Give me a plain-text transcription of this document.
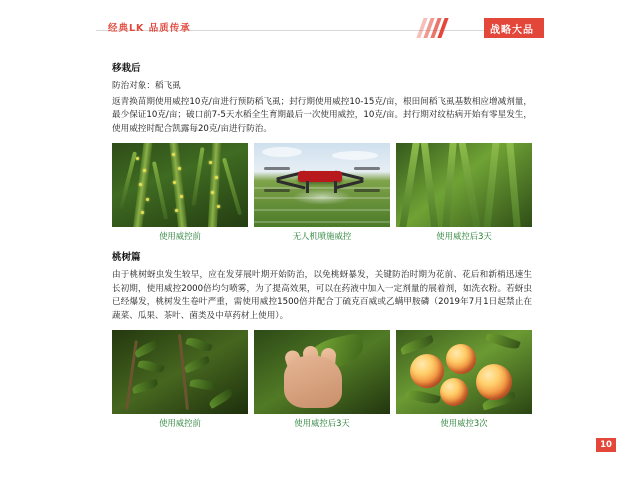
经典LK 品质传承	战略大品
移栽后

防治对象：稻飞虱

返青换苗期使用威控10克/亩进行预防稻飞虱；封行期使用威控10-15克/亩，根田间稻飞虱基数相应增减剂量，最少保证10克/亩；破口前7-5天水稻全生育期最后一次使用威控，10克/亩。封行期对纹枯病开始有零星发生，使用威控时配合凯露每20克/亩进行防治。

使用威控前	无人机喷施威控	使用威控后3天
桃树篇

由于桃树蚜虫发生较早，应在发芽展叶期开始防治，以免桃蚜暴发，关键防治时期为花前、花后和新梢迅速生长初期，使用威控2000倍均匀喷雾，为了提高效果，可以在药液中加入一定剂量的展着剂，如洗衣粉。若蚜虫已经爆发，桃树发生卷叶严重，需使用威控1500倍并配合丁硫克百威或乙螨甲胺磷（2019年7月1日起禁止在蔬菜、瓜果、茶叶、菌类及中草药材上使用）。

使用威控前	使用威控后3天	使用威控3次
10
